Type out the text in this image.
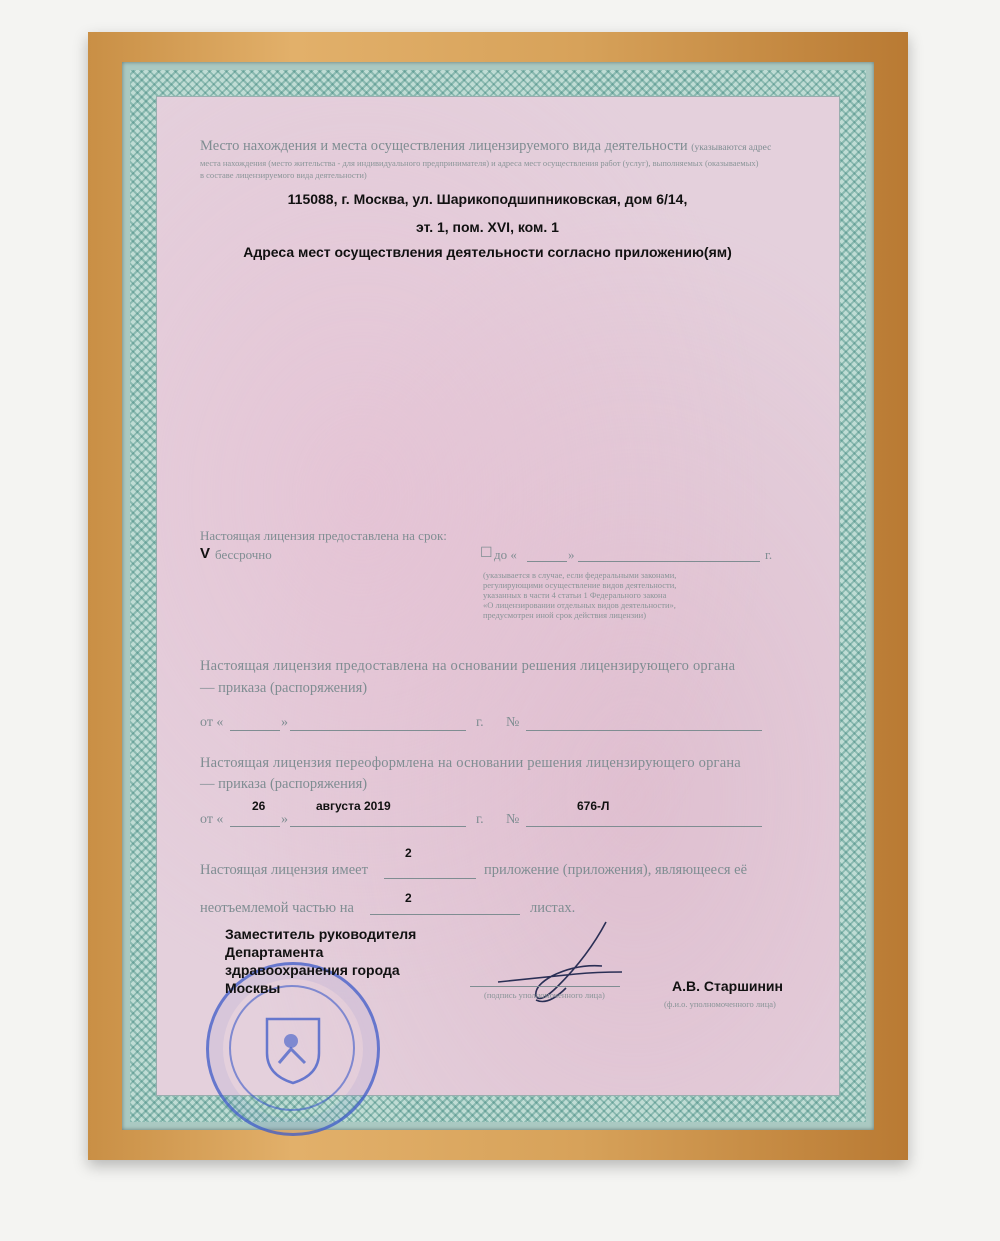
Место нахождения и места осуществления лицензируемого вида деятельности (указываются адрес
места нахождения (место жительства - для индивидуального предпринимателя) и адреса мест осуществления работ (услуг), выполняемых (оказываемых)
в составе лицензируемого вида деятельности)
115088, г. Москва, ул. Шарикоподшипниковская, дом 6/14,
эт. 1, пом. XVI, ком. 1
Адреса мест осуществления деятельности согласно приложению(ям)
Настоящая лицензия предоставлена на срок:
V бессрочно	☐ до «	»	г.
(указывается в случае, если федеральными законами,
регулирующими осуществление видов деятельности,
указанных в части 4 статьи 1 Федерального закона
«О лицензировании отдельных видов деятельности»,
предусмотрен иной срок действия лицензии)
Настоящая лицензия предоставлена на основании решения лицензирующего органа
— приказа (распоряжения)
от «	»	г. №
Настоящая лицензия переоформлена на основании решения лицензирующего органа
— приказа (распоряжения)
26	августа 2019	676-Л
от «	»	г. №
2
Настоящая лицензия имеет	приложение (приложения), являющееся её
2
неотъемлемой частью на	листах.
Заместитель руководителя
Департамента
здравоохранения города
Москвы	(подпись уполномоченного лица)
А.В. Старшинин
(ф.и.о. уполномоченного лица)
